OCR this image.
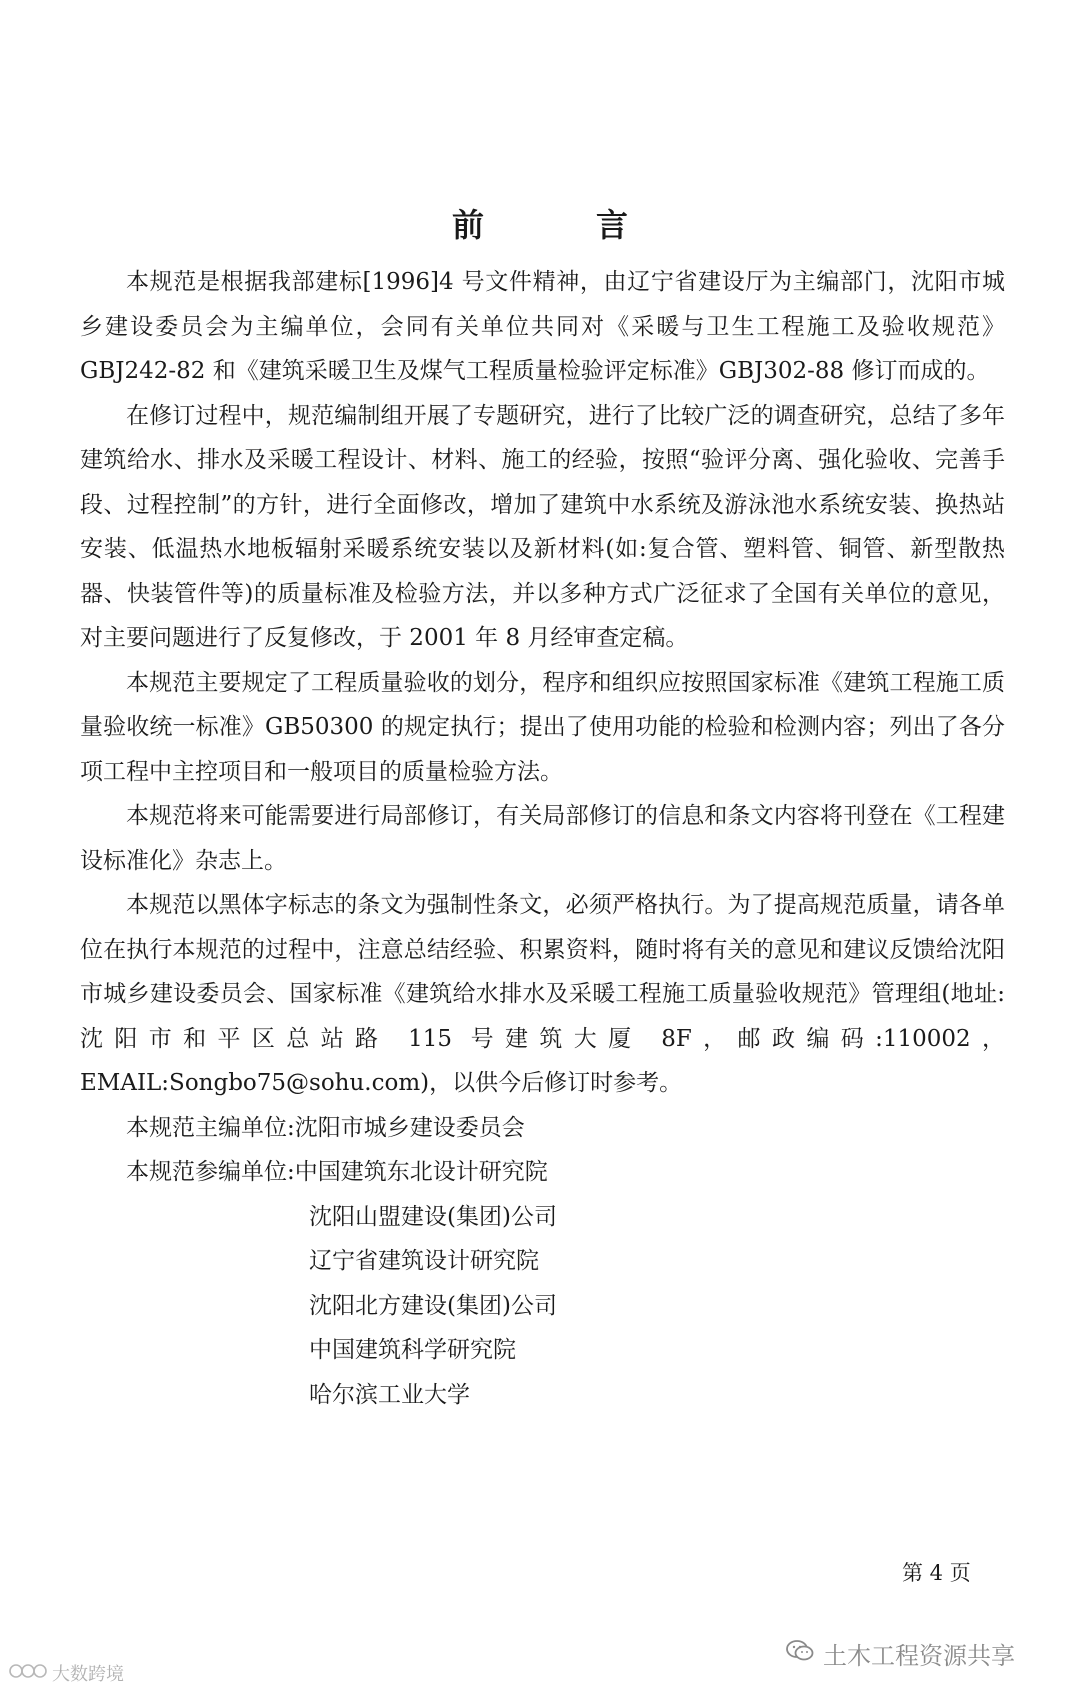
前　言

本规范是根据我部建标[1996]4 号文件精神，由辽宁省建设厅为主编部门，沈阳市城乡建设委员会为主编单位，会同有关单位共同对《采暖与卫生工程施工及验收规范》GBJ242-82 和《建筑采暖卫生及煤气工程质量检验评定标准》GBJ302-88 修订而成的。

在修订过程中，规范编制组开展了专题研究，进行了比较广泛的调查研究，总结了多年建筑给水、排水及采暖工程设计、材料、施工的经验，按照“验评分离、强化验收、完善手段、过程控制”的方针，进行全面修改，增加了建筑中水系统及游泳池水系统安装、换热站安装、低温热水地板辐射采暖系统安装以及新材料(如:复合管、塑料管、铜管、新型散热器、快装管件等)的质量标准及检验方法，并以多种方式广泛征求了全国有关单位的意见，对主要问题进行了反复修改，于 2001 年 8 月经审查定稿。

本规范主要规定了工程质量验收的划分，程序和组织应按照国家标准《建筑工程施工质量验收统一标准》GB50300 的规定执行；提出了使用功能的检验和检测内容；列出了各分项工程中主控项目和一般项目的质量检验方法。

本规范将来可能需要进行局部修订，有关局部修订的信息和条文内容将刊登在《工程建设标准化》杂志上。

本规范以黑体字标志的条文为强制性条文，必须严格执行。为了提高规范质量，请各单位在执行本规范的过程中，注意总结经验、积累资料，随时将有关的意见和建议反馈给沈阳市城乡建设委员会、国家标准《建筑给水排水及采暖工程施工质量验收规范》管理组(地址:沈阳市和平区总站路 115 号建筑大厦 8F，邮政编码:110002，EMAIL:Songbo75@sohu.com)，以供今后修订时参考。

本规范主编单位:沈阳市城乡建设委员会

本规范参编单位:中国建筑东北设计研究院

沈阳山盟建设(集团)公司

辽宁省建筑设计研究院

沈阳北方建设(集团)公司

中国建筑科学研究院

哈尔滨工业大学

第 4 页
土木工程资源共享
大数跨境
